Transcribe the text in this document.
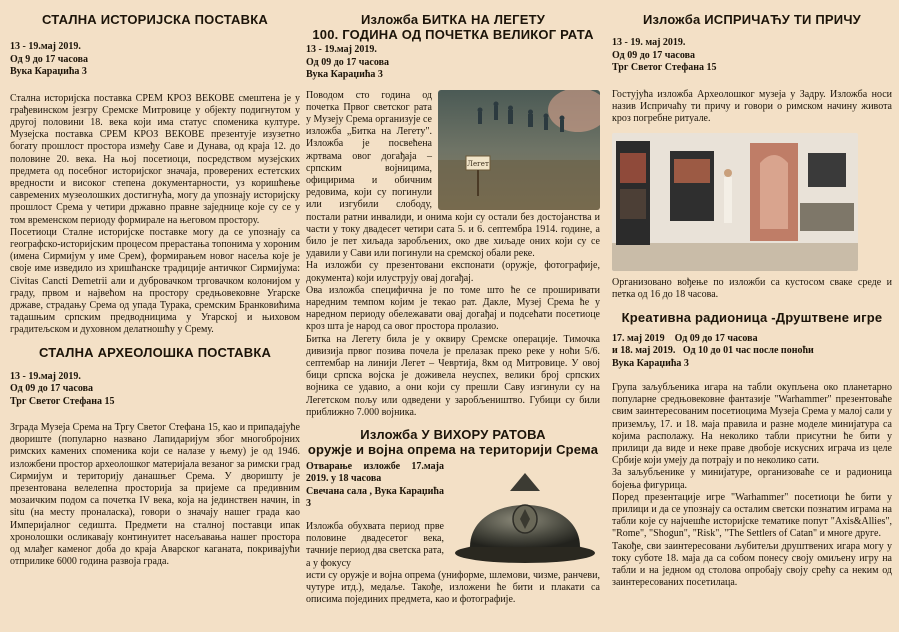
СТАЛНА ИСТОРИЈСКА ПОСТАВКА

13 - 19.мај 2019.

Од 9 до 17 часова

Вука Караџића 3

Стална историјска поставка СРЕМ КРОЗ ВЕКОВЕ смештена је у грађевинском језгру Сремске Митровице у објекту подигнутом у другој половини 18. века који има статус споменика културе. Музејска поставка СРЕМ КРОЗ ВЕКОВЕ презентује изузетно богату прошлост простора између Саве и Дунава, од краја 12. до половине 20. века. На њој посетиоци, посредством музејских предмета од посебног историјског значаја, проверених естетских вредности и високог степена документарности, уз коришћење савремених музеолошких достигнућа, могу да упознају историјску прошлост Срема у четири државно правне заједнице које су се у том временском периоду формирале на његовом простору.

Посетиоци Сталне историјске поставке могу да се упознају са географско-историјским процесом прерастања топонима у хороним (имена Сирмијум у име Срем), формирањем новог насеља које је своје име изведило из хришћанске традиције античког Сирмијума: Civitas Cancti Demetrii али и дубровачком трговачком колонијом у граду, првом и највећом на простору средњовековне Угарске државе, страдању Срема од упада Турака, сремским Бранковићима тадашњим српским предводницима у Угарској и њиховом градитељском и духовном делатношћу у Срему.

СТАЛНА АРХЕОЛОШКА ПОСТАВКА

13 - 19.мај 2019.

Од 09 до 17 часова

Трг Светог Стефана 15

Зграда Музеја Срема на Тргу Светог Стефана 15, као и припадајуће двориште (популарно названо Лапидаријум због многобројних римских камених споменика који се налазе у њему) је од 1946. изложбени простор археолошког материјала везаног за римски град Сирмијум и територију данашњег Срема. У дворишту је презентована велелепна просторија за пријеме са предивним мозаичким подом са почетка IV века, која на јединствен начин, in situ (на месту проналаска), говори о значају нашег града као Империјалног седишта. Предмети на сталној поставци ипак хронолошки осликавају континуитет насељавања нашег простора од млађег каменог доба до краја Аварског каганата, покривајући отприлике 6000 година развоја града.

Изложба БИТКА НА ЛЕГЕТУ
100. ГОДИНА ОД ПОЧЕТКА ВЕЛИКОГ РАТА

13 - 19.мај 2019.

Од 09 до 17 часова

Вука Караџића 3

Легет

Поводом сто година од почетка Првог светског рата у Музеју Срема организује се изложба „Битка на Легету". Изложба је посвећена жртвама овог догађаја – српским војницима, официрима и обичним редовима, који су погинули или изгубили слободу, постали ратни инвалиди, и онима који су остали без достојанства и части у току двадесет четири сата 5. и 6. септембра 1914. године, а било је пет хиљада заробљених, око две хиљаде оних који су се удавили у Сави или погинули на сремској обали реке.

На изложби су презентовани експонати (оружје, фотографије, документа) који илуструју овај догађај.

Ова изложба специфична је по томе што ће се проширивати наредним темпом којим је текао рат. Дакле, Музеј Срема ће у наредном периоду обележавати овај догађај и подсећати посетиоце кроз шта је народ са овог простора пролазио.

Битка на Легету била је у оквиру Сремске операције. Тимочка дивизија првог позива почела је прелазак преко реке у ноћи 5/6. септембар на линији Легет – Чевртија, 8км од Митровице. У овој бици српска војска је доживела неуспех, велики број српских војника се удавио, а они који су прешли Саву изгинули су на Легетском пољу или одведени у заробљеништво. Губици су били приближно 7.000 војника.

Изложба У ВИХОРУ РАТОВА
оружје и војна опрема на територији Срема

Отварање изложбе 17.маја 2019. у 18 часова

Свечана сала , Вука Караџића 3

Изложба обухвата период прве половине двадесетог века, тачније период два светска рата, а у фокусу

исти су оружје и војна опрема (униформе, шлемови, чизме, ранчеви, чутуре итд.), медаље. Такође, изложени ће бити и плакати са описима појединих предмета, као и фотографије.

Изложба ИСПРИЧАЋУ ТИ ПРИЧУ

13 - 19. мај 2019.

Од 09 до 17 часова

Трг Светог Стефана 15

Гостујућа изложба Археолошког музеја у Задру. Изложба носи назив Испричаћу ти причу и говори о римском начину живота кроз погребне ритуале.

Организовано вођење по изложби са кустосом сваке среде и петка од 16 до 18 часова.

Креативна радионица -Друштвене игре

17. мај 2019 Од 09 до 17 часова

и 18. мај 2019. Од 10 до 01 час после поноћи

Вука Караџића 3

Група заљубљеника игара на табли окупљена око планетарно популарне средњовековне фантазије "Warhammer" презентоваће свим заинтересованим посетиоцима Музеја Срема у малој сали у приземљу, 17. и 18. маја правила и разне моделе минијатура са којима располажу. На неколико табли присутни ће бити у прилици да виде и неке праве двобоје искусних играча из целе Србије који умеју да потраjу и по неколико сати.

За заљубљенике у минијатуре, организоваће се и радионица бојења фигурица.

Поред презентације игре "Warhammer" посетиоци ће бити у прилици и да се упознају са осталим светски познатим играма на табли које су најчешће историјске тематике попут "Axis&Allies", "Rome", "Shogun", "Risk", "The Settlers of Catan" и многе друге.

Такође, сви заинтересовани љубитељи друштвених игара могу у току суботе 18. маја да са собом понесу своју омиљену игру на табли и на једном од столова опробају своју срећу са неким од заинтересованих посетилаца.
